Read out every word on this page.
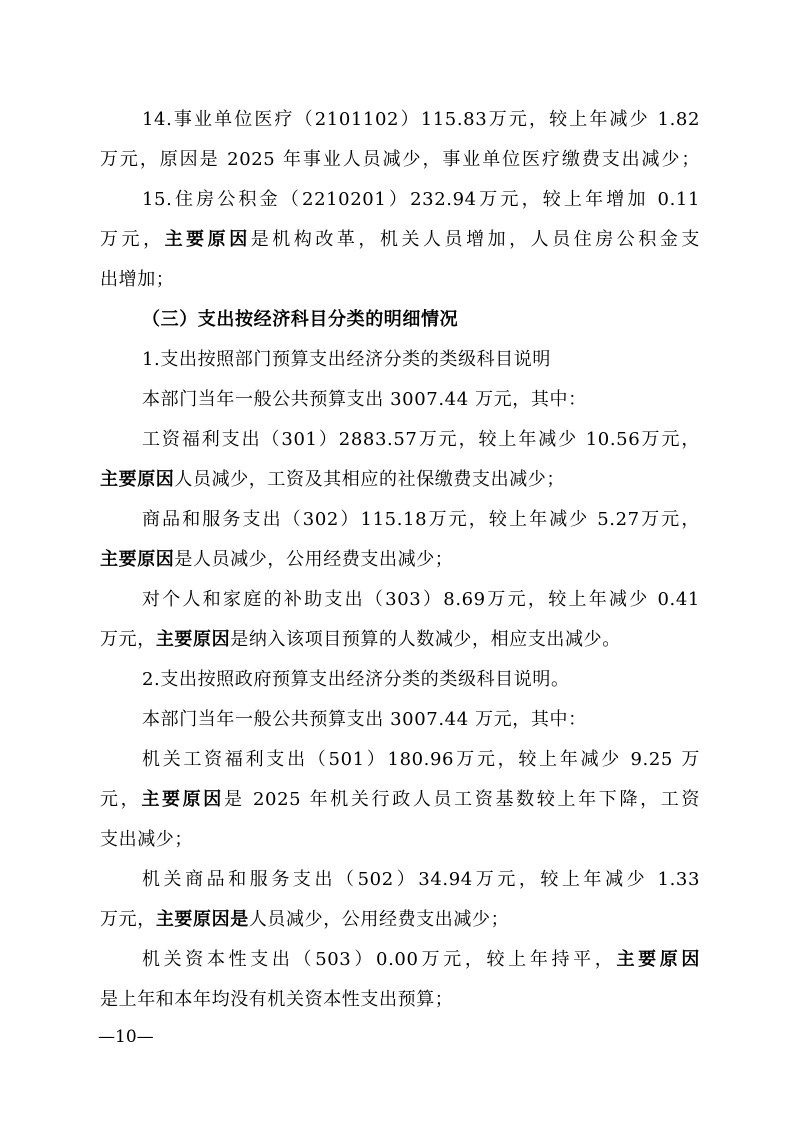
14.事业单位医疗（2101102）115.83万元，较上年减少 1.82
万元，原因是 2025 年事业人员减少，事业单位医疗缴费支出减少；
15.住房公积金（2210201）232.94万元，较上年增加 0.11
万元，主要原因是机构改革，机关人员增加，人员住房公积金支
出增加；
（三）支出按经济科目分类的明细情况
1.支出按照部门预算支出经济分类的类级科目说明
本部门当年一般公共预算支出 3007.44 万元，其中：
工资福利支出（301）2883.57万元，较上年减少 10.56万元，
主要原因人员减少，工资及其相应的社保缴费支出减少；
商品和服务支出（302）115.18万元，较上年减少 5.27万元，
主要原因是人员减少，公用经费支出减少；
对个人和家庭的补助支出（303）8.69万元，较上年减少 0.41
万元，主要原因是纳入该项目预算的人数减少，相应支出减少。
2.支出按照政府预算支出经济分类的类级科目说明。
本部门当年一般公共预算支出 3007.44 万元，其中：
机关工资福利支出（501）180.96万元，较上年减少 9.25 万
元，主要原因是 2025 年机关行政人员工资基数较上年下降，工资
支出减少；
机关商品和服务支出（502）34.94万元，较上年减少 1.33
万元，主要原因是人员减少，公用经费支出减少；
机关资本性支出（503）0.00万元，较上年持平，主要原因
是上年和本年均没有机关资本性支出预算；
—10—
